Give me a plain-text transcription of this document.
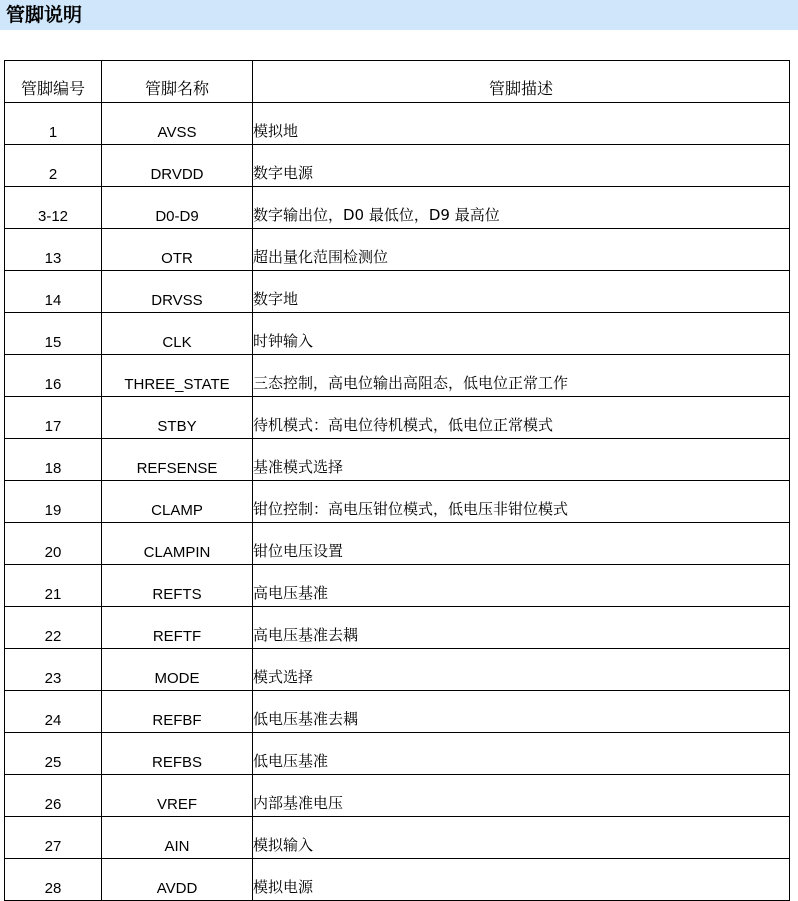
管脚说明
管脚编号	管脚名称	管脚描述
1	AVSS	模拟地
2	DRVDD	数字电源
3-12	D0-D9	数字输出位，D0 最低位，D9 最高位
13	OTR	超出量化范围检测位
14	DRVSS	数字地
15	CLK	时钟输入
16	THREE_STATE	三态控制，高电位输出高阻态，低电位正常工作
17	STBY	待机模式：高电位待机模式，低电位正常模式
18	REFSENSE	基准模式选择
19	CLAMP	钳位控制：高电压钳位模式，低电压非钳位模式
20	CLAMPIN	钳位电压设置
21	REFTS	高电压基准
22	REFTF	高电压基准去耦
23	MODE	模式选择
24	REFBF	低电压基准去耦
25	REFBS	低电压基准
26	VREF	内部基准电压
27	AIN	模拟输入
28	AVDD	模拟电源
